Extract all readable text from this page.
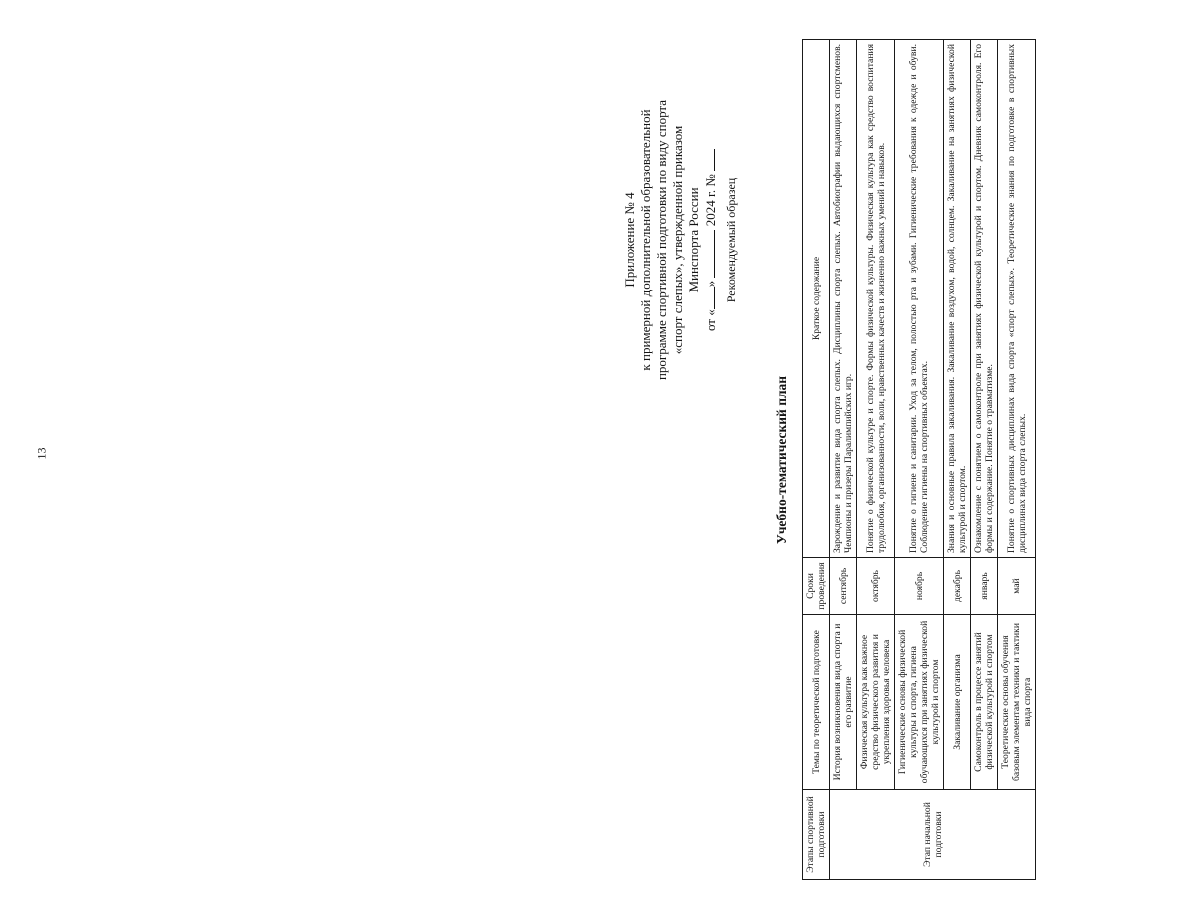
13
Приложение № 4 к примерной дополнительной образовательной программе спортивной подготовки по виду спорта «спорт слепых», утвержденной приказом Минспорта России
от «»  2024 г. № Рекомендуемый образец
Учебно-тематический план
Этапы спортивной подготовки	Темы по теоретической подготовке	Сроки проведения	Краткое содержание
Этап начальной подготовки	История возникновения вида спорта и его развитие	сентябрь	Зарождение и развитие вида спорта слепых. Дисциплины спорта слепых. Автобиографии выдающихся спортсменов. Чемпионы и призеры Паралимпийских игр.
	Физическая культура как важное средство физического развития и укрепления здоровья человека	октябрь	Понятие о физической культуре и спорте. Формы физической культуры. Физическая культура как средство воспитания трудолюбия, организованности, воли, нравственных качеств и жизненно важных умений и навыков.
	Гигиенические основы физической культуры и спорта, гигиена обучающихся при занятиях физической культурой и спортом	ноябрь	Понятие о гигиене и санитарии. Уход за телом, полостью рта и зубами. Гигиенические требования к одежде и обуви. Соблюдение гигиены на спортивных объектах.
	Закаливание организма	декабрь	Знания и основные правила закаливания. Закаливание воздухом, водой, солнцем. Закаливание на занятиях физической культурой и спортом.
	Самоконтроль в процессе занятий физической культурой и спортом	январь	Ознакомление с понятием о самоконтроле при занятиях физической культурой и спортом. Дневник самоконтроля. Его формы и содержание. Понятие о травматизме.
	Теоретические основы обучения базовым элементам техники и тактики вида спорта	май	Понятие о спортивных дисциплинах вида спорта «спорт слепых». Теоретические знания по подготовке в спортивных дисциплинах вида спорта слепых.
